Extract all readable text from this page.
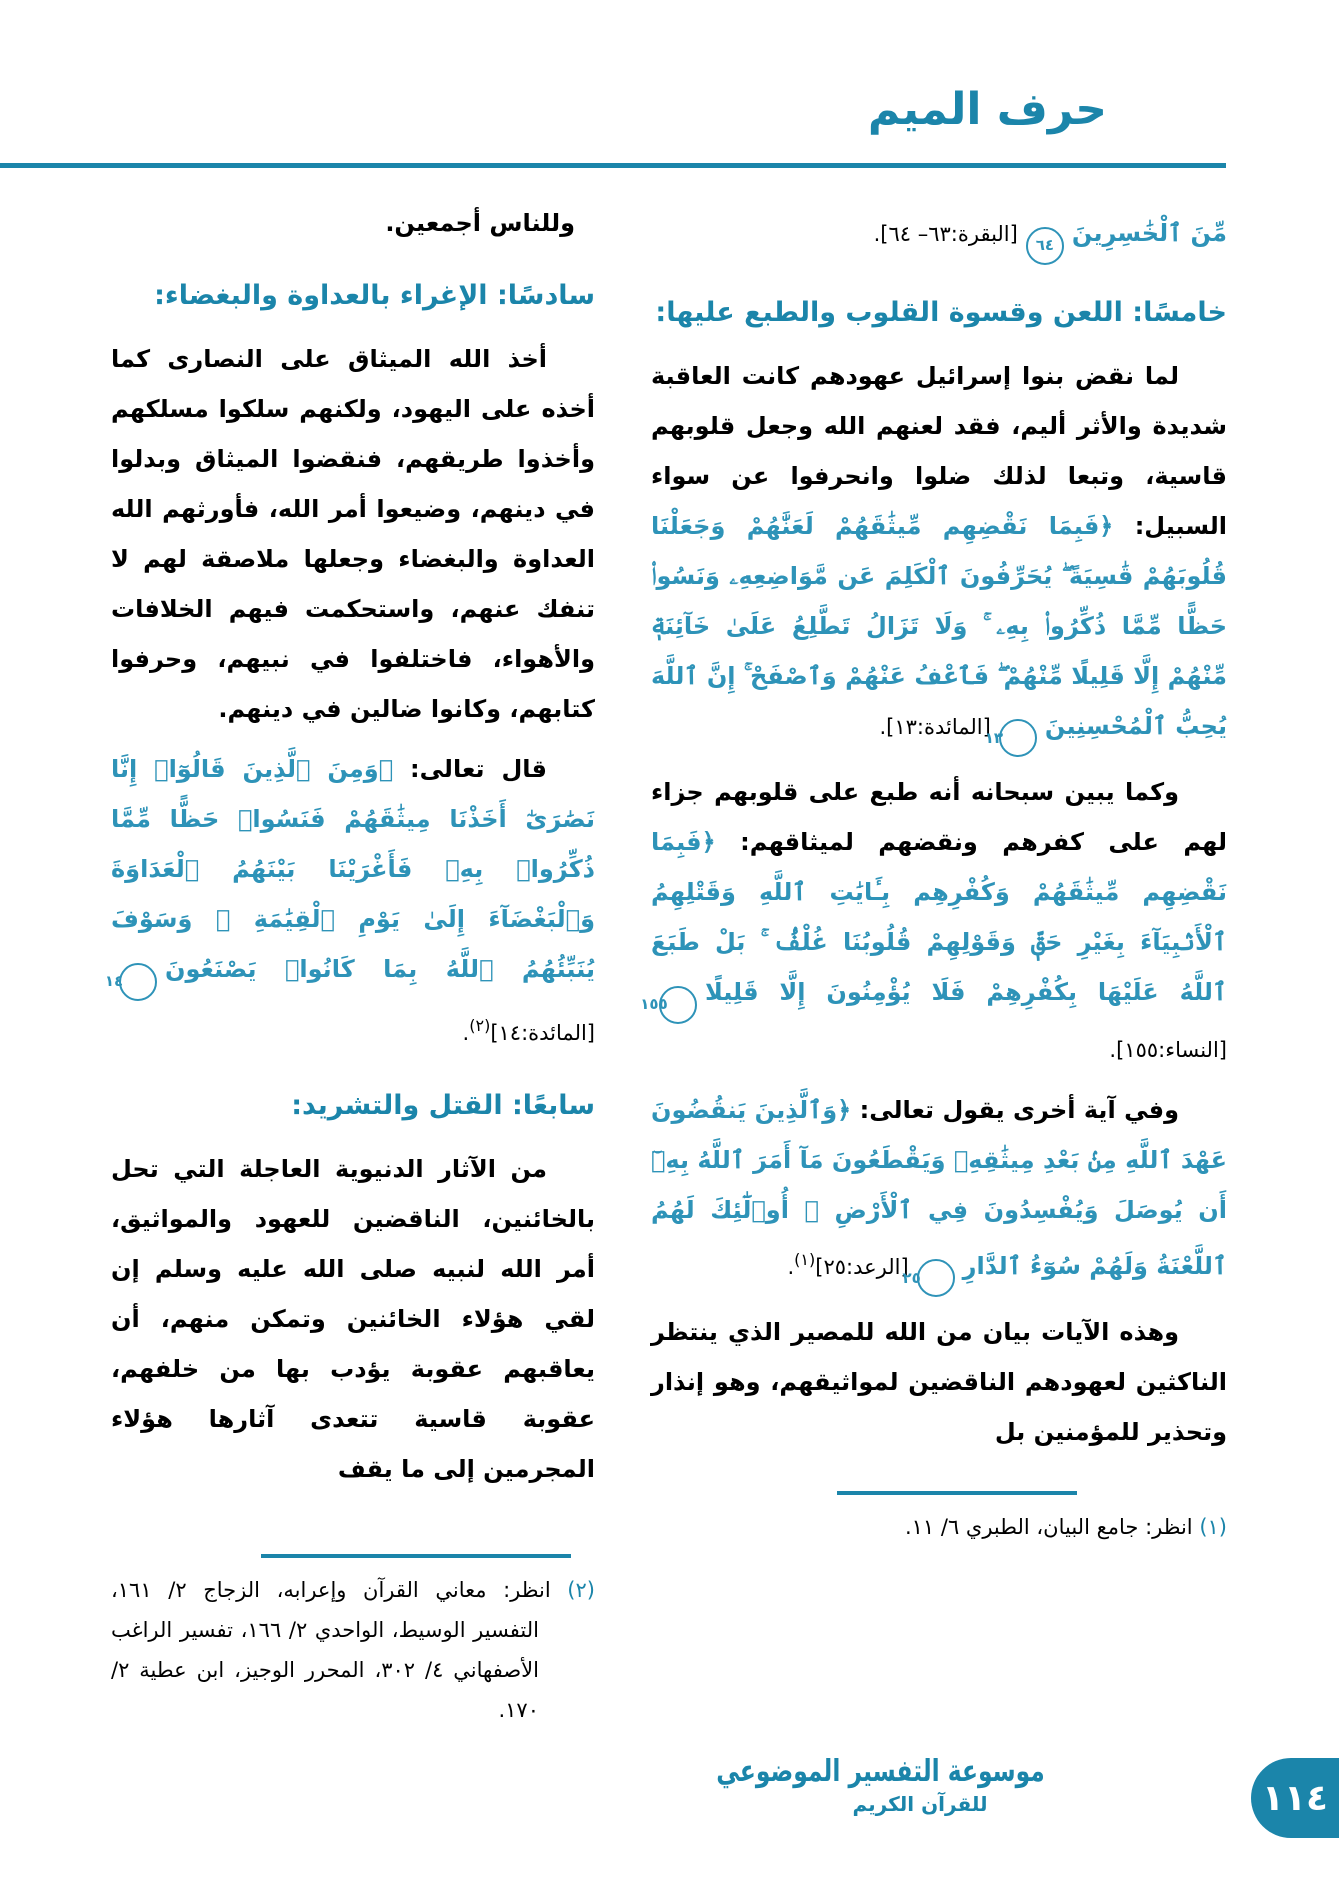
حرف الميم

مِّنَ ٱلْخَٰسِرِينَ٦٤[البقرة:٦٣– ٦٤].

خامسًا: اللعن وقسوة القلوب والطبع عليها:

لما نقض بنوا إسرائيل عهودهم كانت العاقبة شديدة والأثر أليم، فقد لعنهم الله وجعل قلوبهم قاسية، وتبعا لذلك ضلوا وانحرفوا عن سواء السبيل: ﴿فَبِمَا نَقْضِهِم مِّيثَٰقَهُمْ لَعَنَّٰهُمْ وَجَعَلْنَا قُلُوبَهُمْ قَٰسِيَةً ۖ يُحَرِّفُونَ ٱلْكَلِمَ عَن مَّوَاضِعِهِۦ وَنَسُوا۟ حَظًّا مِّمَّا ذُكِّرُوا۟ بِهِۦ ۚ وَلَا تَزَالُ تَطَّلِعُ عَلَىٰ خَآئِنَةٖ مِّنْهُمْ إِلَّا قَلِيلًا مِّنْهُمْ ۖ فَٱعْفُ عَنْهُمْ وَٱصْفَحْ ۚ إِنَّ ٱللَّهَ يُحِبُّ ٱلْمُحْسِنِينَ١٣[المائدة:١٣].

وكما يبين سبحانه أنه طبع على قلوبهم جزاء لهم على كفرهم ونقضهم لميثاقهم: ﴿فَبِمَا نَقْضِهِم مِّيثَٰقَهُمْ وَكُفْرِهِم بِـَٔايَٰتِ ٱللَّهِ وَقَتْلِهِمُ ٱلْأَنۢبِيَآءَ بِغَيْرِ حَقّٖ وَقَوْلِهِمْ قُلُوبُنَا غُلْفُۢ ۚ بَلْ طَبَعَ ٱللَّهُ عَلَيْهَا بِكُفْرِهِمْ فَلَا يُؤْمِنُونَ إِلَّا قَلِيلًا١٥٥[النساء:١٥٥].

وفي آية أخرى يقول تعالى: ﴿وَٱلَّذِينَ يَنقُضُونَ عَهْدَ ٱللَّهِ مِنۢ بَعْدِ مِيثَٰقِهِۦ وَيَقْطَعُونَ مَآ أَمَرَ ٱللَّهُ بِهِۦٓ أَن يُوصَلَ وَيُفْسِدُونَ فِي ٱلْأَرْضِ ۙ أُو۟لَٰٓئِكَ لَهُمُ ٱللَّعْنَةُ وَلَهُمْ سُوٓءُ ٱلدَّارِ٢٥[الرعد:٢٥]$^{(١)}$.

وهذه الآيات بيان من الله للمصير الذي ينتظر الناكثين لعهودهم الناقضين لمواثيقهم، وهو إنذار وتحذير للمؤمنين بل

(١) انظر: جامع البيان، الطبري ٦/ ١١.

وللناس أجمعين.

سادسًا: الإغراء بالعداوة والبغضاء:

أخذ الله الميثاق على النصارى كما أخذه على اليهود، ولكنهم سلكوا مسلكهم وأخذوا طريقهم، فنقضوا الميثاق وبدلوا في دينهم، وضيعوا أمر الله، فأورثهم الله العداوة والبغضاء وجعلها ملاصقة لهم لا تنفك عنهم، واستحكمت فيهم الخلافات والأهواء، فاختلفوا في نبيهم، وحرفوا كتابهم، وكانوا ضالين في دينهم.

قال تعالى: ﴿وَمِنَ ٱلَّذِينَ قَالُوٓا۟ إِنَّا نَصَٰرَىٰٓ أَخَذْنَا مِيثَٰقَهُمْ فَنَسُوا۟ حَظًّا مِّمَّا ذُكِّرُوا۟ بِهِۦ فَأَغْرَيْنَا بَيْنَهُمُ ٱلْعَدَاوَةَ وَٱلْبَغْضَآءَ إِلَىٰ يَوْمِ ٱلْقِيَٰمَةِ ۚ وَسَوْفَ يُنَبِّئُهُمُ ٱللَّهُ بِمَا كَانُوا۟ يَصْنَعُونَ١٤[المائدة:١٤]$^{(٢)}$.

سابعًا: القتل والتشريد:

من الآثار الدنيوية العاجلة التي تحل بالخائنين، الناقضين للعهود والمواثيق، أمر الله لنبيه صلى الله عليه وسلم إن لقي هؤلاء الخائنين وتمكن منهم، أن يعاقبهم عقوبة يؤدب بها من خلفهم، عقوبة قاسية تتعدى آثارها هؤلاء المجرمين إلى ما يقف

(٢) انظر: معاني القرآن وإعرابه، الزجاج ٢/ ١٦١، التفسير الوسيط، الواحدي ٢/ ١٦٦، تفسير الراغب الأصفهاني ٤/ ٣٠٢، المحرر الوجيز، ابن عطية ٢/ ١٧٠.

موسوعة التفسير الموضوعي
للقرآن الكريم	١١٤
